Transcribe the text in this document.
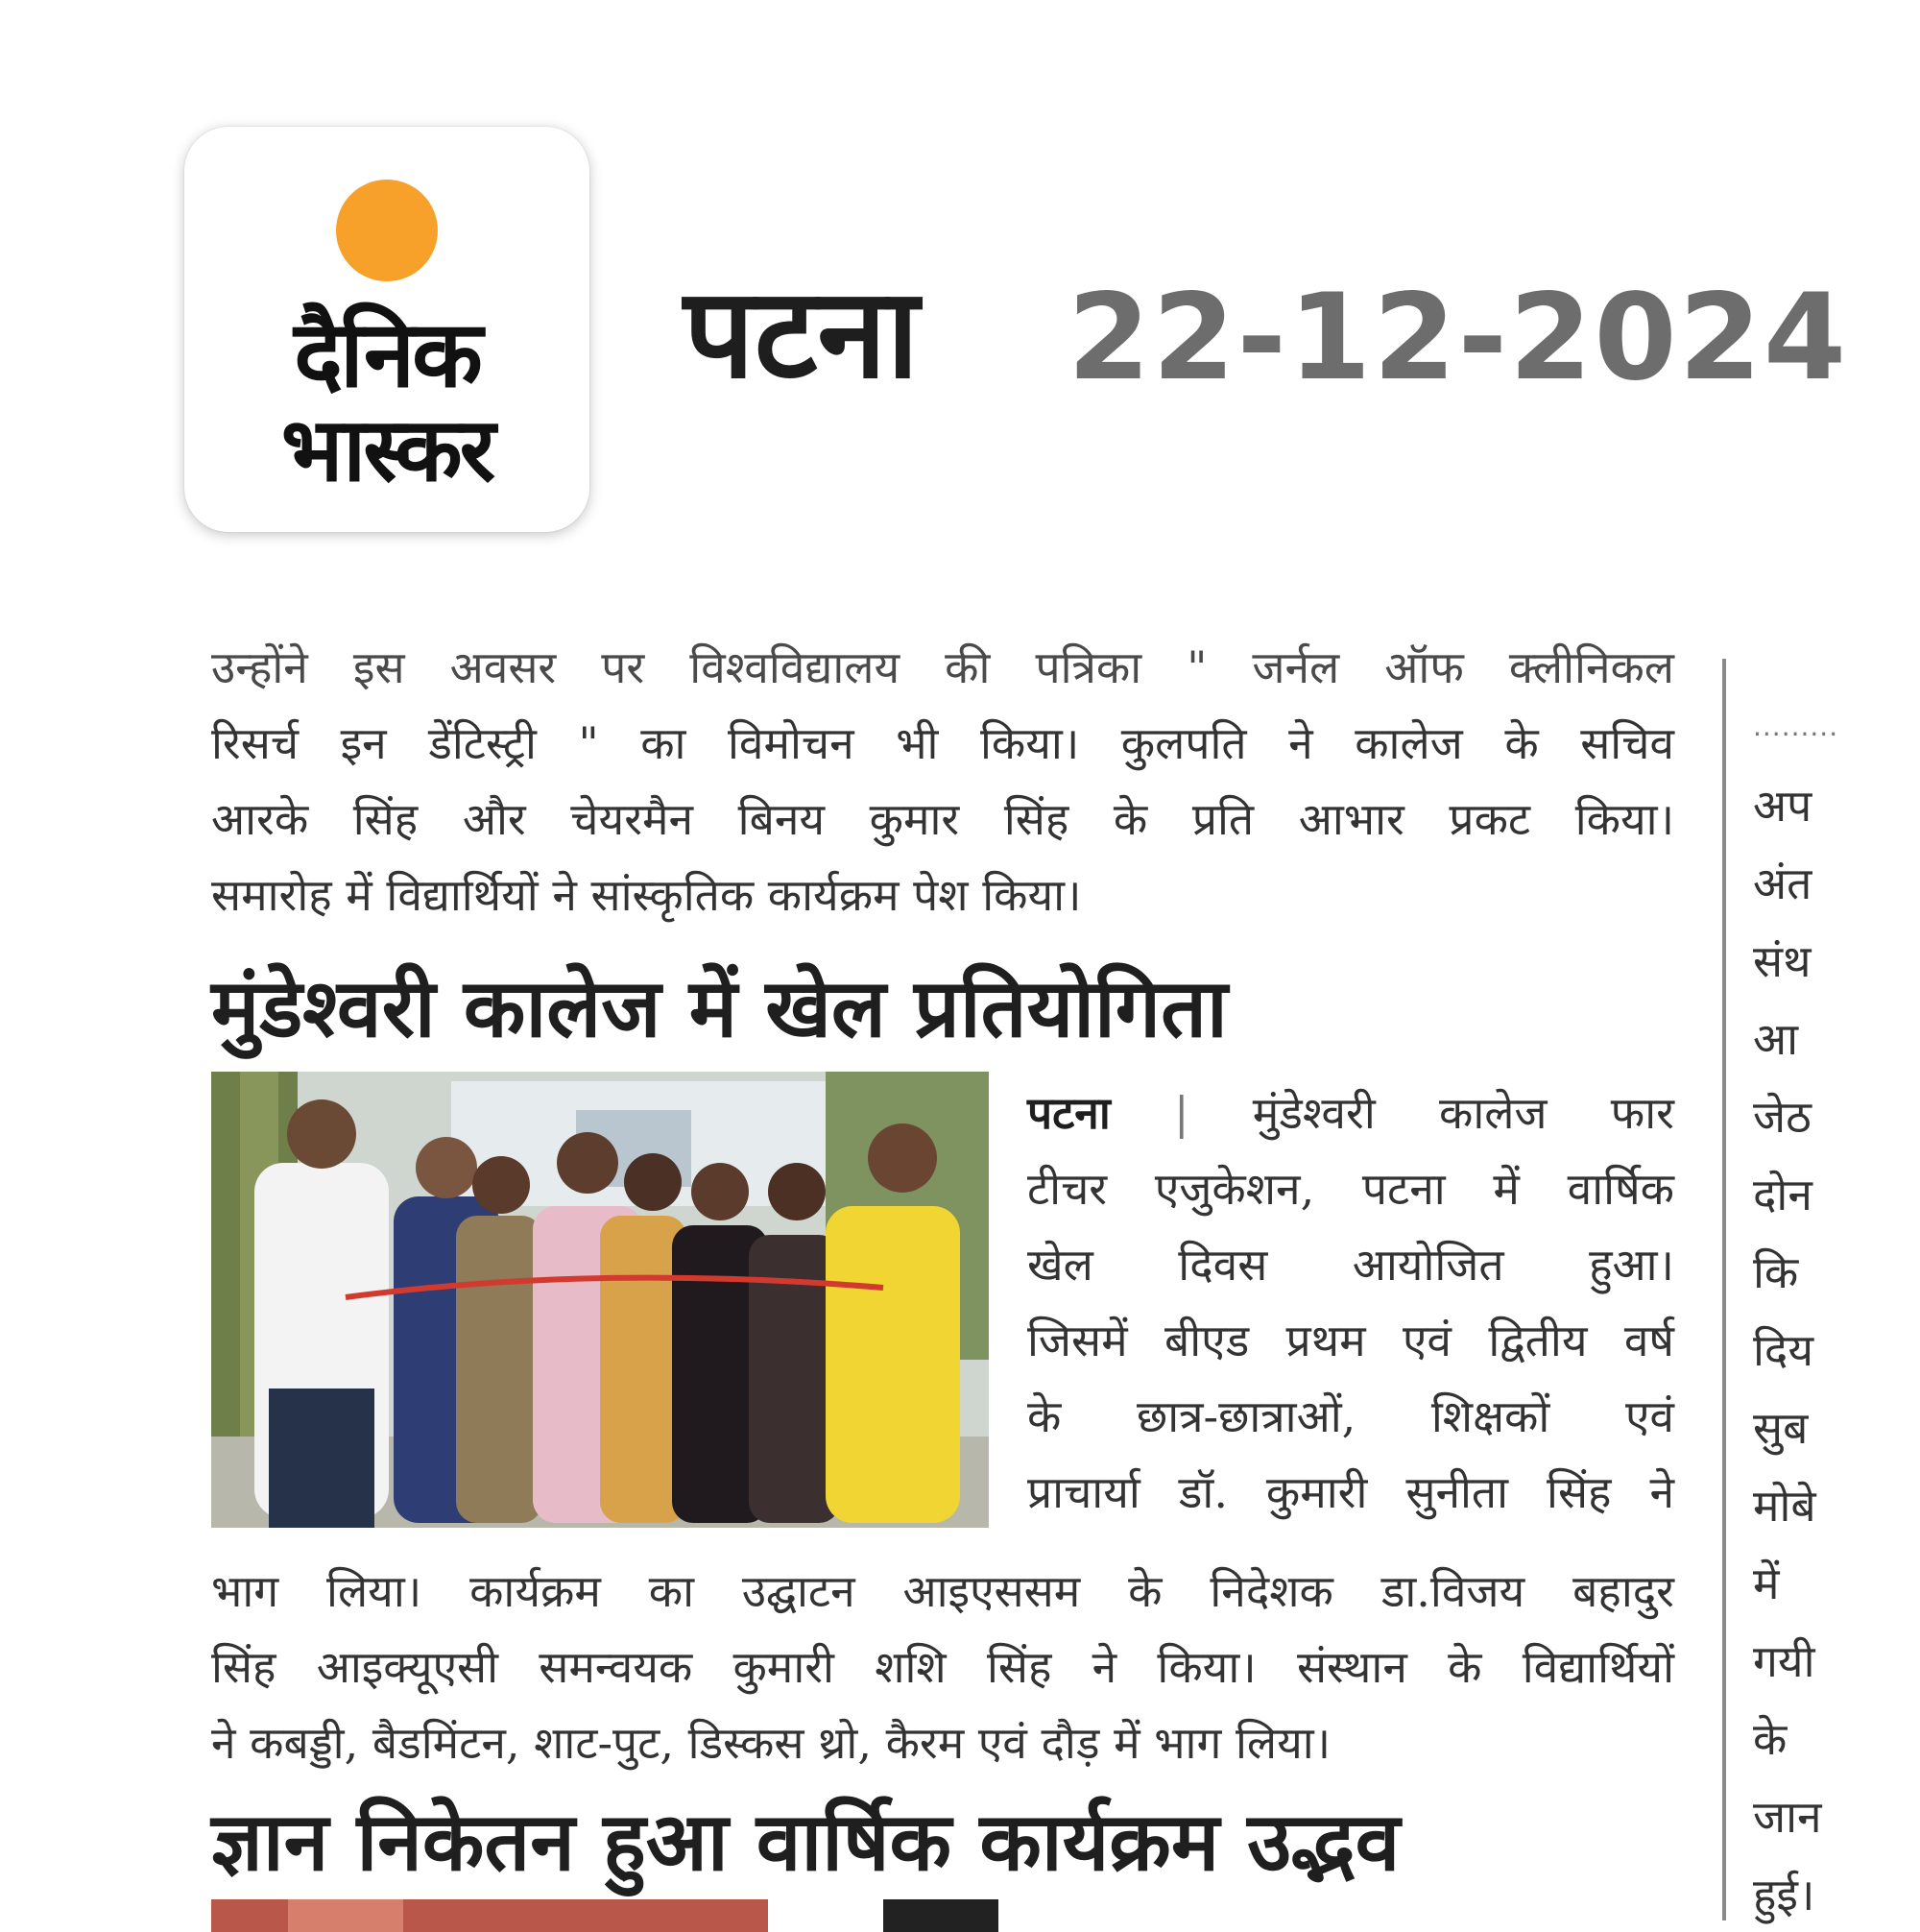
दैनिक
भास्कर
पटना 22-12-2024
उन्होंने इस अवसर पर विश्वविद्यालय की पत्रिका " जर्नल ऑफ क्लीनिकल
रिसर्च इन डेंटिस्ट्री " का विमोचन भी किया। कुलपति ने कालेज के सचिव
आरके सिंह और चेयरमैन बिनय कुमार सिंह के प्रति आभार प्रकट किया।
समारोह में विद्यार्थियों ने सांस्कृतिक कार्यक्रम पेश किया।
मुंडेश्वरी कालेज में खेल प्रतियोगिता
पटना | मुंडेश्वरी कालेज फार
टीचर एजुकेशन, पटना में वार्षिक
खेल दिवस आयोजित हुआ।
जिसमें बीएड प्रथम एवं द्वितीय वर्ष
के छात्र-छात्राओं, शिक्षकों एवं
प्राचार्या डॉ. कुमारी सुनीता सिंह ने
भाग लिया। कार्यक्रम का उद्घाटन आइएससम के निदेशक डा.विजय बहादुर
सिंह आइक्यूएसी समन्वयक कुमारी शशि सिंह ने किया। संस्थान के विद्यार्थियों
ने कबड्डी, बैडमिंटन, शाट-पुट, डिस्कस थ्रो, कैरम एवं दौड़ में भाग लिया।
ज्ञान निकेतन हुआ वार्षिक कार्यक्रम उद्भव
.........
अप
अंत
संथ
आ
जेठ
दोन
कि
दिय
सुब
मोबे
में
गयी
के
जान
हुई।
